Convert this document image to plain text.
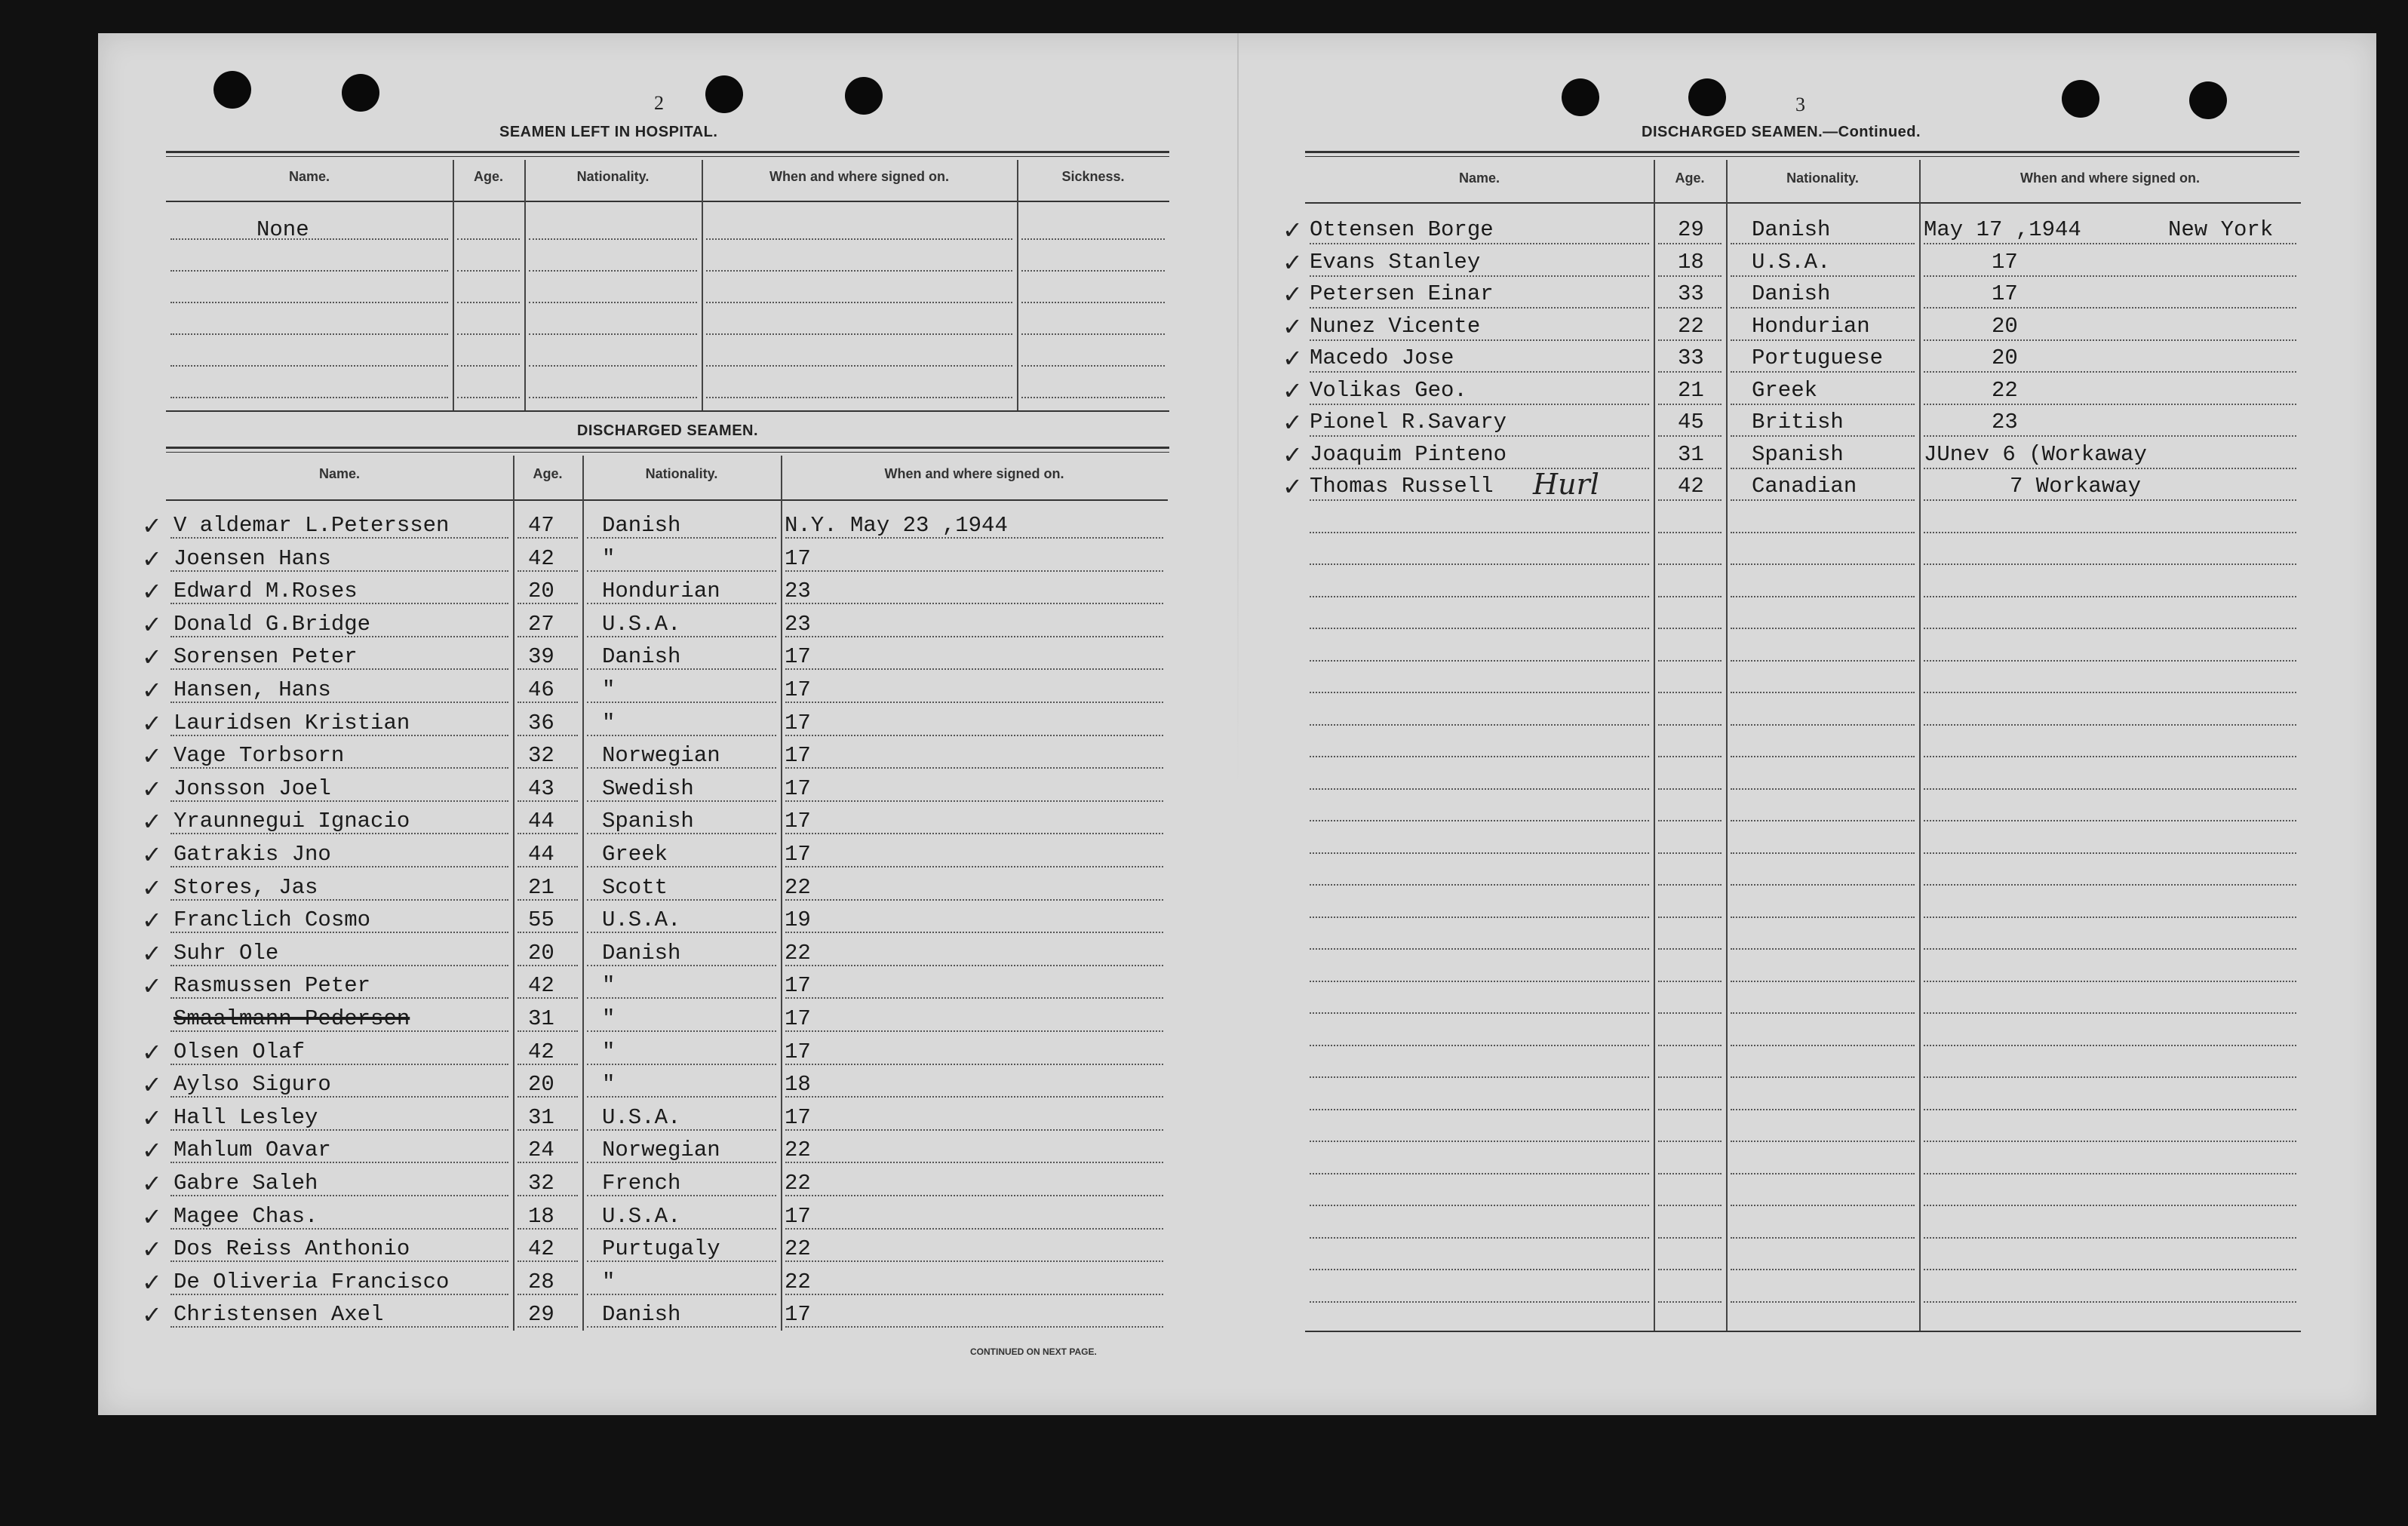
2
SEAMEN LEFT IN HOSPITAL.
Name.	Age.	Nationality.	When and where signed on.	Sickness.
None
DISCHARGED SEAMEN.
Name.	Age.	Nationality.	When and where signed on.
V aldemar L.Peterssen	47 Danish	N.Y. May 23 ,1944
✓
Joensen Hans	42 "	17
✓
Edward M.Roses	20 Hondurian	23
✓
Donald G.Bridge	27 U.S.A.	23
✓
Sorensen Peter	39 Danish	17
✓
Hansen, Hans	46 "	17
✓
Lauridsen Kristian	36 "	17
✓
Vage Torbsorn	32 Norwegian	17
✓
Jonsson Joel	43 Swedish	17
✓
Yraunnegui Ignacio	44 Spanish	17
✓
Gatrakis Jno	44 Greek	17
✓
Stores, Jas	21 Scott	22
✓
Franclich Cosmo	55 U.S.A.	19
✓
Suhr Ole	20 Danish	22
✓
Rasmussen Peter	42 "	17
✓
Smaalmann Pedersen	31 "	17
Olsen Olaf	42 "	17
✓
Aylso Siguro	20 "	18
✓
Hall Lesley	31 U.S.A.	17
✓
Mahlum Oavar	24 Norwegian	22
✓
Gabre Saleh	32 French	22
✓
Magee Chas.	18 U.S.A.	17
✓
Dos Reiss Anthonio	42 Purtugaly	22
✓
De Oliveria Francisco	28 "	22
✓
Christensen Axel	29 Danish	17
✓
CONTINUED ON NEXT PAGE.
3
DISCHARGED SEAMEN.—Continued.
Name.	Age.	Nationality.	When and where signed on.
Ottensen Borge	29 Danish	May 17 ,1944	New York
✓
Evans Stanley	18 U.S.A.	17
✓
Petersen Einar	33 Danish	17
✓
Nunez Vicente	22 Hondurian	20
✓
Macedo Jose	33 Portuguese	20
✓
Volikas Geo.	21 Greek	22
✓
Pionel R.Savary	45 British	23
✓
Joaquim Pinteno	31 Spanish	JUnev 6 (Workaway
✓
Thomas Russell	42 Canadian	7 Workaway
✓	Hurl
